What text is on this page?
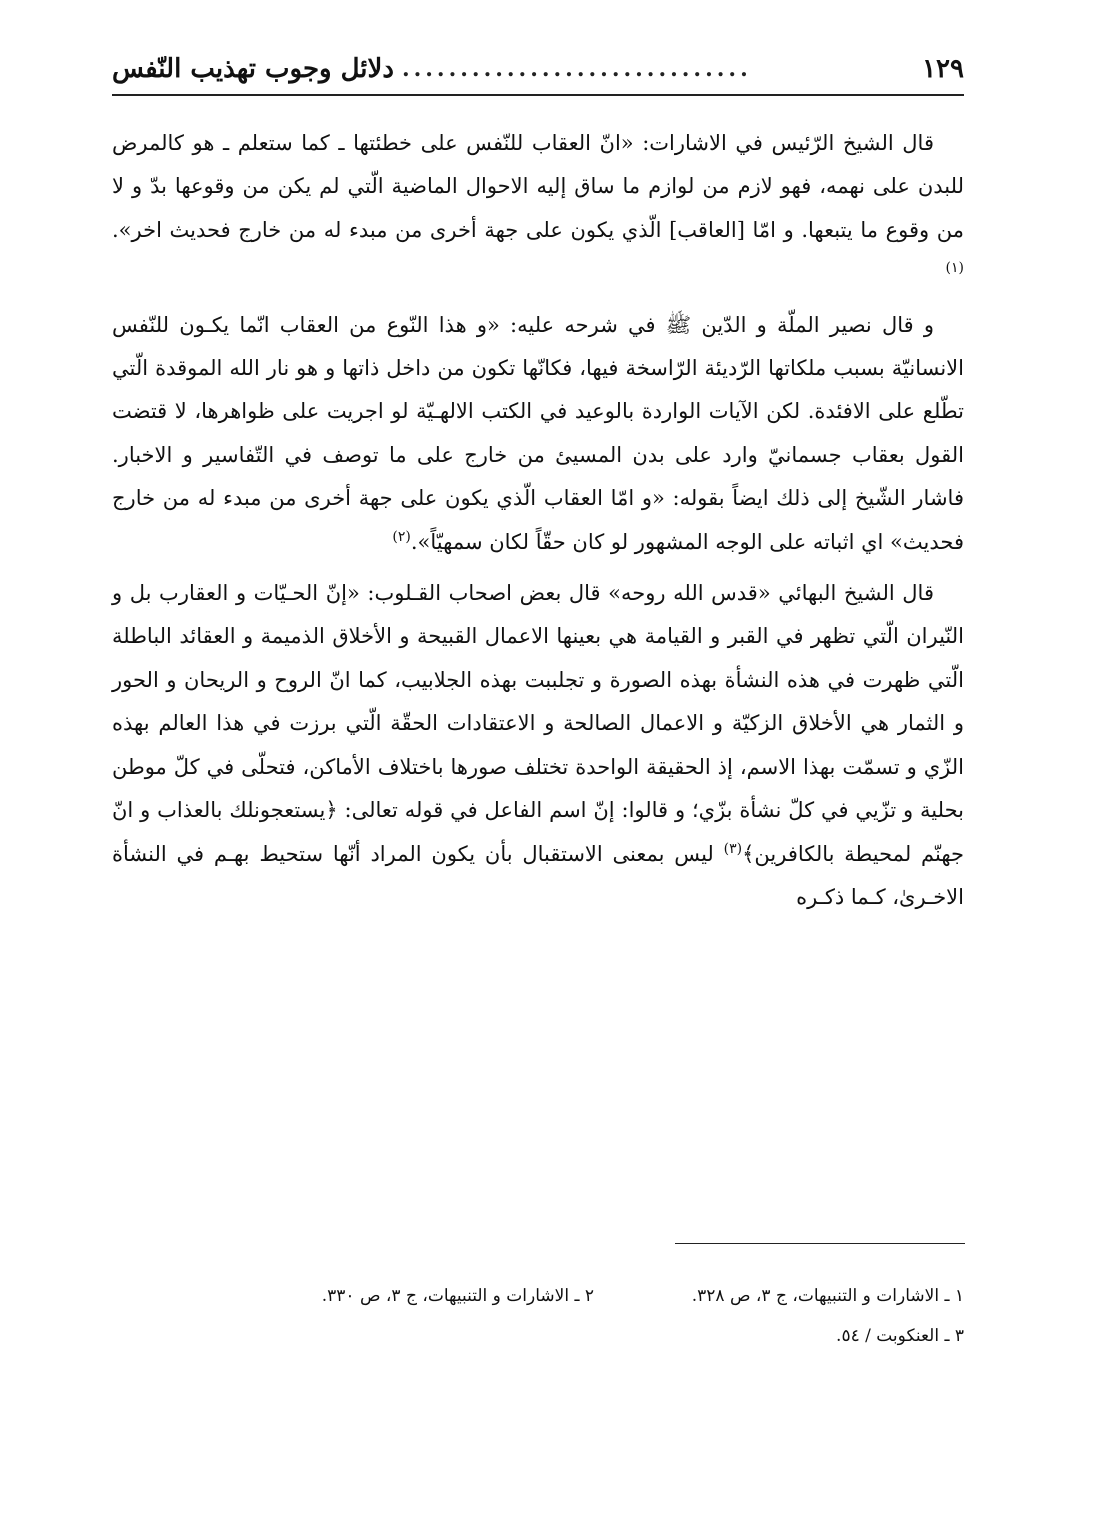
دلائل وجوب تهذيب النّفس ..............................	١٢٩

قال الشيخ الرّئيس في الاشارات: «انّ العقاب للنّفس على خطئتها ـ كما ستعلم ـ هو كالمرض للبدن على نهمه، فهو لازم من لوازم ما ساق إليه الاحوال الماضية الّتي لم يكن من وقوعها بدّ و لا من وقوع ما يتبعها. و امّا [العاقب] الّذي يكون على جهة أخرى من مبدء له من خارج فحديث اخر».$^{(١)}$

و قال نصير الملّة و الدّين ﷺ في شرحه عليه: «و هذا النّوع من العقاب انّما يكـون للنّفس الانسانيّة بسبب ملكاتها الرّديئة الرّاسخة فيها، فكانّها تكون من داخل ذاتها و هو نار الله الموقدة الّتي تطّلع على الافئدة. لكن الآيات الواردة بالوعيد في الكتب الالهـيّة لو اجريت على ظواهرها، لا قتضت القول بعقاب جسمانيّ وارد على بدن المسيئ من خارج على ما توصف في التّفاسير و الاخبار. فاشار الشّيخ إلى ذلك ايضاً بقوله: «و امّا العقاب الّذي يكون على جهة أخرى من مبدء له من خارج فحديث» اي اثباته على الوجه المشهور لو كان حقّاً لكان سمهيّاً».$^{(٢)}$

قال الشيخ البهائي «قدس الله روحه» قال بعض اصحاب القـلوب: «إنّ الحـيّات و العقارب بل و النّيران الّتي تظهر في القبر و القيامة هي بعينها الاعمال القبيحة و الأخلاق الذميمة و العقائد الباطلة الّتي ظهرت في هذه النشأة بهذه الصورة و تجلببت بهذه الجلابيب، كما انّ الروح و الريحان و الحور و الثمار هي الأخلاق الزكيّة و الاعمال الصالحة و الاعتقادات الحقّة الّتي برزت في هذا العالم بهذه الزّي و تسمّت بهذا الاسم، إذ الحقيقة الواحدة تختلف صورها باختلاف الأماكن، فتحلّى في كلّ موطن بحلية و تزّيي في كلّ نشأة بزّي؛ و قالوا: إنّ اسم الفاعل في قوله تعالى: ﴿يستعجونلك بالعذاب و انّ جهنّم لمحيطة بالكافرين﴾$^{(٣)}$ ليس بمعنى الاستقبال بأن يكون المراد أنّها ستحيط بهـم في النشأة الاخـرىٰ، كـما ذكـره

١ ـ الاشارات و التنبيهات، ج ٣، ص ٣٢٨.
٢ ـ الاشارات و التنبيهات، ج ٣، ص ٣٣٠.
٣ ـ العنكوبت / ٥٤.
